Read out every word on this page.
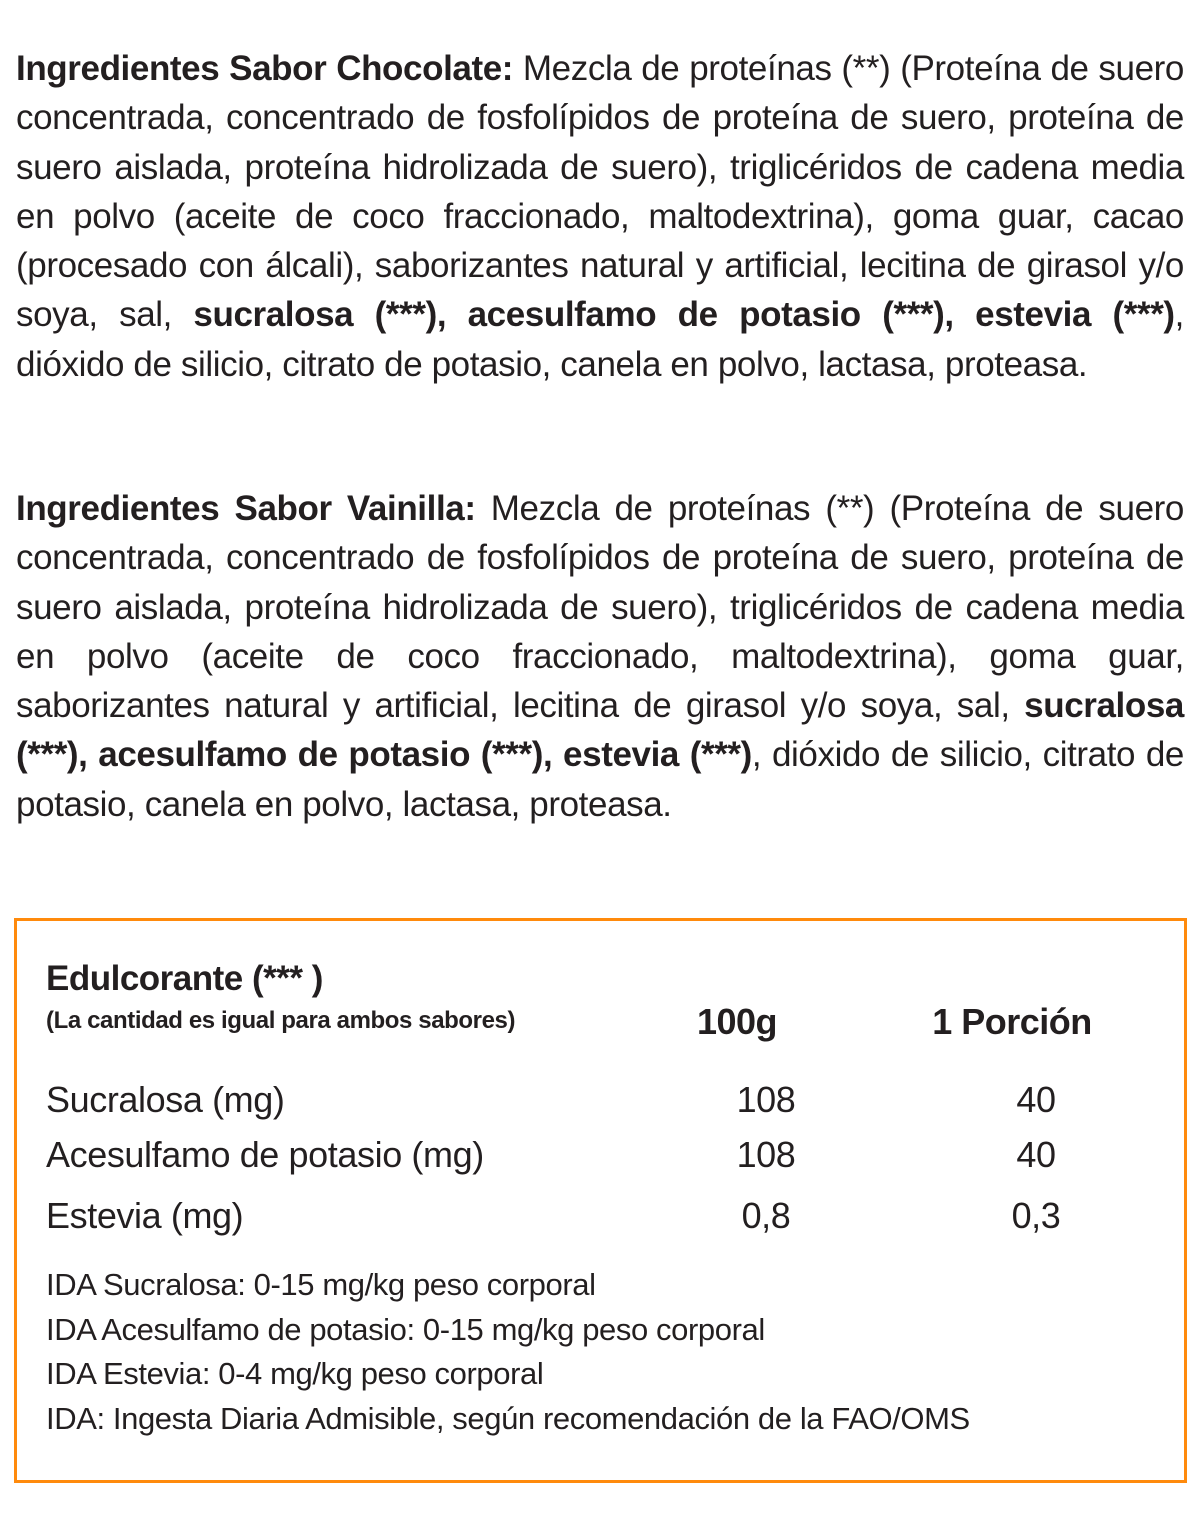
Ingredientes Sabor Chocolate: Mezcla de proteínas (**) (Proteína de suero concentrada, concentrado de fosfolípidos de proteína de suero, proteína de suero aislada, proteína hidrolizada de suero), triglicéridos de cadena media en polvo (aceite de coco fraccionado, maltodextrina), goma guar, cacao (procesado con álcali), saborizantes natural y artificial, lecitina de girasol y/o soya, sal, sucralosa (***), acesulfamo de potasio (***), estevia (***), dióxido de silicio, citrato de potasio, canela en polvo, lactasa, proteasa.

Ingredientes Sabor Vainilla: Mezcla de proteínas (**) (Proteína de suero concentrada, concentrado de fosfolípidos de proteína de suero, proteína de suero aislada, proteína hidrolizada de suero), triglicéridos de cadena media en polvo (aceite de coco fraccionado, maltodextrina), goma guar, saborizantes natural y artificial, lecitina de girasol y/o soya, sal, sucralosa (***), acesulfamo de potasio (***), estevia (***), dióxido de silicio, citrato de potasio, canela en polvo, lactasa, proteasa.

Edulcorante (*** )
(La cantidad es igual para ambos sabores)	100g	1 Porción
Sucralosa (mg)	108	40
Acesulfamo de potasio (mg)	108	40
Estevia (mg)	0,8	0,3
IDA Sucralosa: 0-15 mg/kg peso corporal
IDA Acesulfamo de potasio: 0-15 mg/kg peso corporal
IDA Estevia: 0-4 mg/kg peso corporal
IDA: Ingesta Diaria Admisible, según recomendación de la FAO/OMS
